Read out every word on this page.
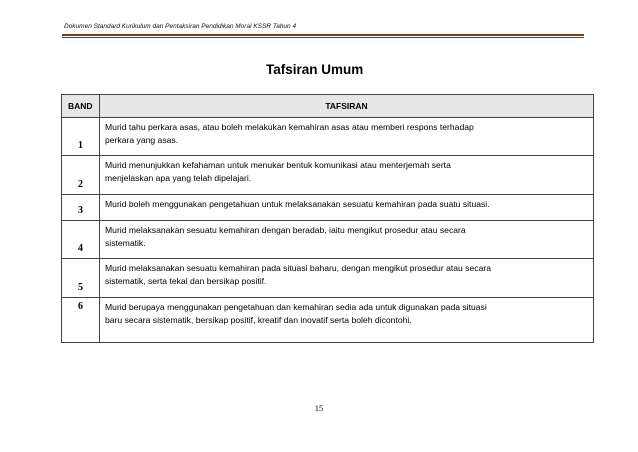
Dokumen Standard Kurikulum dan Pentaksiran Pendidikan Moral KSSR Tahun 4
Tafsiran Umum
BAND	TAFSIRAN
1	Murid tahu perkara asas, atau boleh melakukan kemahiran asas atau memberi respons terhadap
perkara yang asas.
2	Murid menunjukkan kefahaman untuk menukar bentuk komunikasi atau menterjemah serta
menjelaskan apa yang telah dipelajari.
3	Murid boleh menggunakan pengetahuan untuk melaksanakan sesuatu kemahiran pada suatu situasi.
4	Murid melaksanakan sesuatu kemahiran dengan beradab, iaitu mengikut prosedur atau secara
sistematik.
5	Murid melaksanakan sesuatu kemahiran pada situasi baharu, dengan mengikut prosedur atau secara
sistematik, serta tekal dan bersikap positif.
6	Murid berupaya menggunakan pengetahuan dan kemahiran sedia ada untuk digunakan pada situasi
baru secara sistematik, bersikap positif, kreatif dan inovatif serta boleh dicontohi.
15
